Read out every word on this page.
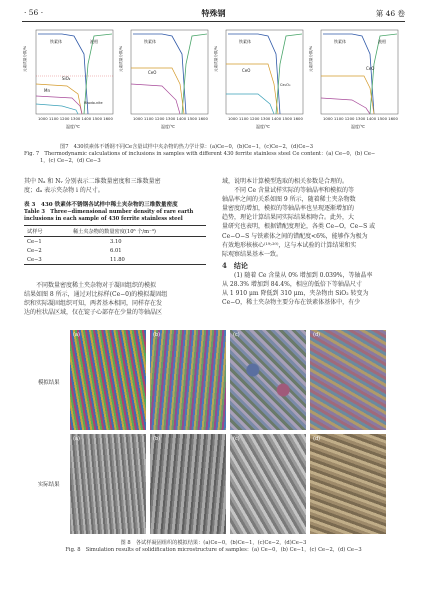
· 56 ·	特殊钢	第 46 卷
铁素体	液相
SiO₂
Mn
Rhodo-nite
1000 1100 1200 1300 1400 1500 1600
元素质量分数/%
铁素体
CeO
1000 1100 1200 1300 1400 1500 1600
元素质量分数/%
铁素体
CeO
Ce₂O₃
1000 1100 1200 1300 1400 1500 1600
元素质量分数/%
铁素体	液相
CeO
1000 1100 1200 1300 1400 1500 1600
元素质量分数/%
温度/℃	温度/℃	温度/℃	温度/℃
图7　430铁素体不锈钢不同Ce含量试样中夹杂物的热力学计算：(a)Ce−0，(b)Ce−1，(c)Ce−2，(d)Ce−3
Fig. 7　Thermodynamic calculations of inclusions in samples with different 430 ferrite stainless steel Ce content：(a) Ce−0，(b) Ce−
1，(c) Ce−2，(d) Ce−3
其中 Nₐ 和 Nᵥ 分别表示二维数量密度和三维数量密
度；dₐ 表示夹杂物 i 的尺寸。
表 3　430 铁素体不锈钢各试样中稀土夹杂物的三维数量密度
Table 3　Three−dimensional number density of rare earth inclusions in each sample of 430 ferrite stainless steel
试样号	稀土夹杂物的数量密度(10⁶ 个/m⁻³)
Ce−1	3.10
Ce−2	6.01
Ce−3	11.80
不同数量密度稀土夹杂物对于凝固组织的模拟
结果如图 8 所示，通过对比标样(Ce−0)的模拟凝固组
织和实际凝固组织可知，两者基本相同，同样存在发
达的柱状晶区域，仅在锭子心部存在少量的等轴晶区
域，说明本计算模型选取的相关参数是合理的。
不同 Ce 含量试样实际的等轴晶率和模拟的等
轴晶率之间的关系如图 9 所示，随着稀土夹杂物数
量密度的增加，模拟的等轴晶率也呈现逐渐增加的
趋势，理论计算结果同实际结果相吻合。此外，大
量研究也表明，根据错配度理论，各类 Ce−O，Ce−S 或
Ce−O−S 与铁素体之间的错配度<6%，能够作为极为
有效地形核核心⁽¹⁹˒²⁰⁾，这与本试验的计算结果和实
际观察结果基本一致。
4　结论
(1) 随着 Ce 含量从 0% 增加到 0.039%，等轴晶率
从 28.3% 增加到 84.4%，相应的低倍下等轴晶尺寸
从 1 910 μm 降低到 310 μm，夹杂物由 SiO₂ 转变为
Ce−O，稀土夹杂物主要分布在铁素体基体中，有少
模拟结果
实际结果
(a)	(b)	(c)	(d)
(a)	(b)	(c)	(d)
图 8　各试样凝固组织的模拟结果：(a)Ce−0，(b)Ce−1，(c)Ce−2，(d)Ce−3
Fig. 8　Simulation results of solidification microstructure of samples：(a) Ce−0，(b) Ce−1，(c) Ce−2，(d) Ce−3
